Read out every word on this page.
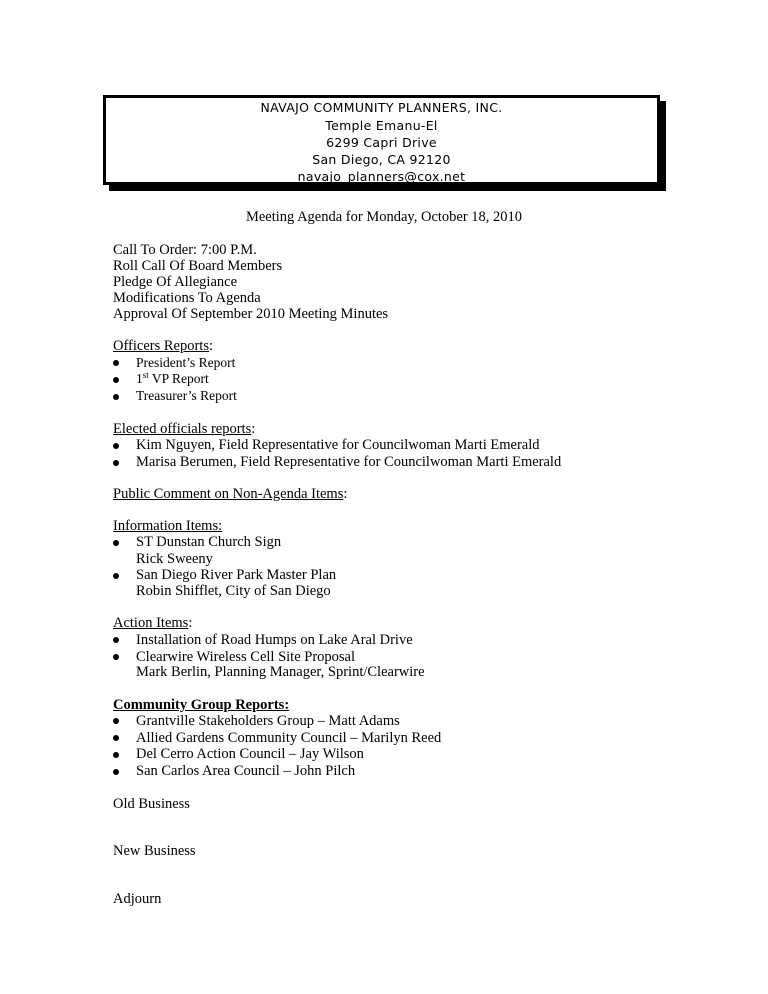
NAVAJO COMMUNITY PLANNERS, INC.
Temple Emanu-El
6299 Capri Drive
San Diego, CA 92120
navajo_planners@cox.net
Meeting Agenda for Monday, October 18, 2010
Call To Order: 7:00 P.M.
Roll Call Of Board Members
Pledge Of Allegiance
Modifications To Agenda
Approval Of September 2010 Meeting Minutes
Officers Reports:
President’s Report
1st VP Report
Treasurer’s Report
Elected officials reports:
Kim Nguyen, Field Representative for Councilwoman Marti Emerald
Marisa Berumen, Field Representative for Councilwoman Marti Emerald
Public Comment on Non-Agenda Items:
Information Items:
ST Dunstan Church Sign
Rick Sweeny
San Diego River Park Master Plan
Robin Shifflet, City of San Diego
Action Items:
Installation of Road Humps on Lake Aral Drive
Clearwire Wireless Cell Site Proposal
Mark Berlin, Planning Manager, Sprint/Clearwire
Community Group Reports:
Grantville Stakeholders Group – Matt Adams
Allied Gardens Community Council – Marilyn Reed
Del Cerro Action Council – Jay Wilson
San Carlos Area Council – John Pilch
Old Business
New Business
Adjourn
